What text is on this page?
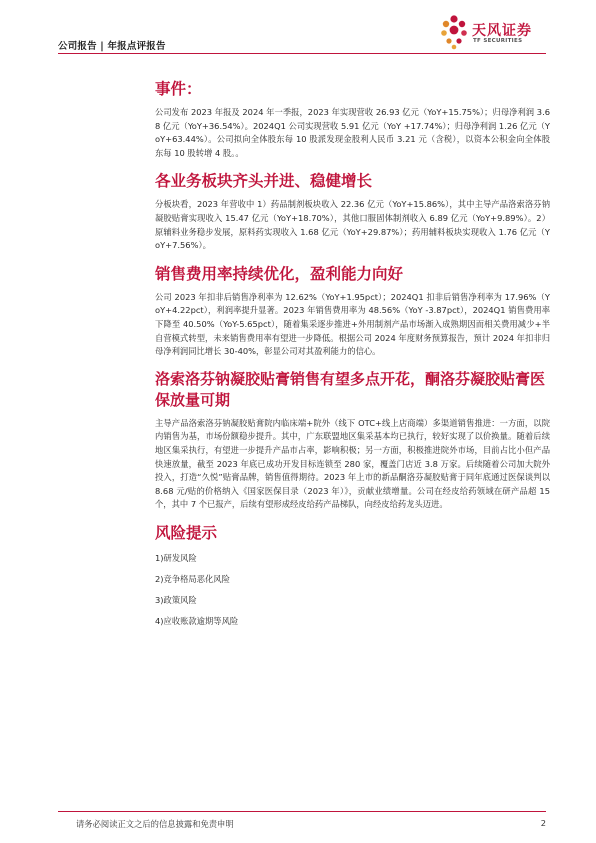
公司报告 | 年报点评报告
天风证券
TF SECURITIES
事件：

公司发布 2023 年报及 2024 年一季报，2023 年实现营收 26.93 亿元（YoY+15.75%）；归母净利润 3.68 亿元（YoY+36.54%）。2024Q1 公司实现营收 5.91 亿元（YoY +17.74%）；归母净利润 1.26 亿元（YoY+63.44%）。公司拟向全体股东每 10 股派发现金股利人民币 3.21 元（含税），以资本公积金向全体股东每 10 股转增 4 股。。

各业务板块齐头并进、稳健增长

分板块看，2023 年营收中 1）药品制剂板块收入 22.36 亿元（YoY+15.86%），其中主导产品洛索洛芬钠凝胶贴膏实现收入 15.47 亿元（YoY+18.70%），其他口服固体制剂收入 6.89 亿元（YoY+9.89%）。2）原辅料业务稳步发展，原料药实现收入 1.68 亿元（YoY+29.87%）；药用辅料板块实现收入 1.76 亿元（YoY+7.56%）。

销售费用率持续优化，盈利能力向好

公司 2023 年扣非后销售净利率为 12.62%（YoY+1.95pct）；2024Q1 扣非后销售净利率为 17.96%（YoY+4.22pct），利润率提升显著。2023 年销售费用率为 48.56%（YoY -3.87pct），2024Q1 销售费用率下降至 40.50%（YoY-5.65pct），随着集采逐步推进+外用制剂产品市场渐入成熟期因而相关费用减少+半自营模式转型，未来销售费用率有望进一步降低。根据公司 2024 年度财务预算报告，预计 2024 年扣非归母净利润同比增长 30-40%，彰显公司对其盈利能力的信心。

洛索洛芬钠凝胶贴膏销售有望多点开花，酮洛芬凝胶贴膏医保放量可期

主导产品洛索洛芬钠凝胶贴膏院内临床端+院外（线下 OTC+线上店商端）多渠道销售推进：一方面，以院内销售为基，市场份额稳步提升。其中，广东联盟地区集采基本均已执行，较好实现了以价换量。随着后续地区集采执行，有望进一步提升产品市占率，影响积极；另一方面，积极推进院外市场，目前占比小但产品快速放量，截至 2023 年底已成功开发目标连锁至 280 家，覆盖门店近 3.8 万家。后续随着公司加大院外投入，打造“久悦”贴膏品牌，销售值得期待。2023 年上市的新品酮洛芬凝胶贴膏于同年底通过医保谈判以 8.68 元/贴的价格纳入《国家医保目录（2023 年）》，贡献业绩增量。公司在经皮给药领域在研产品超 15 个，其中 7 个已报产，后续有望形成经皮给药产品梯队，向经皮给药龙头迈进。

风险提示
1)研发风险
2)竞争格局恶化风险
3)政策风险
4)应收账款逾期等风险
请务必阅读正文之后的信息披露和免责申明	2
